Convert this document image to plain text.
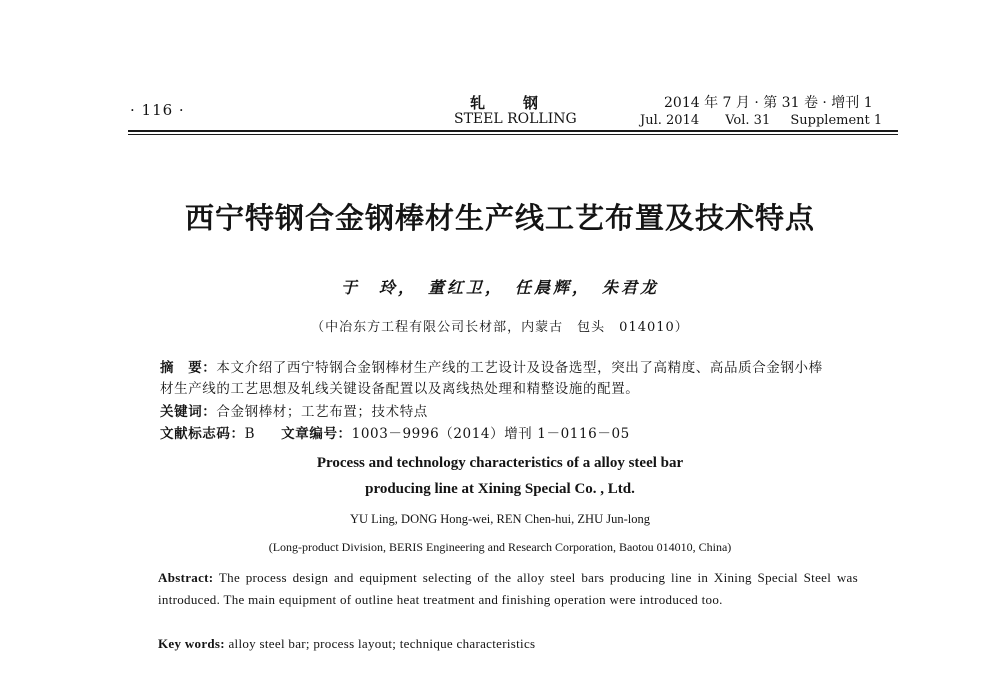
· 116 ·	轧钢
STEEL ROLLING
2014 年 7 月 · 第 31 卷 · 增刊 1
Jul. 2014 Vol. 31 Supplement 1
西宁特钢合金钢棒材生产线工艺布置及技术特点
于　玲，　董红卫，　任晨辉，　朱君龙
（中冶东方工程有限公司长材部，内蒙古　包头　014010）
摘　要：本文介绍了西宁特钢合金钢棒材生产线的工艺设计及设备选型，突出了高精度、高品质合金钢小棒
材生产线的工艺思想及轧线关键设备配置以及离线热处理和精整设施的配置。
关键词：合金钢棒材；工艺布置；技术特点
文献标志码：B 文章编号：1003－9996（2014）增刊 1－0116－05
Process and technology characteristics of a alloy steel bar
producing line at Xining Special Co. , Ltd.
YU Ling, DONG Hong-wei, REN Chen-hui, ZHU Jun-long
(Long-product Division, BERIS Engineering and Research Corporation, Baotou 014010, China)
Abstract: The process design and equipment selecting of the alloy steel bars producing line in Xining Special Steel was introduced. The main equipment of outline heat treatment and finishing operation were introduced too.
Key words: alloy steel bar; process layout; technique characteristics
